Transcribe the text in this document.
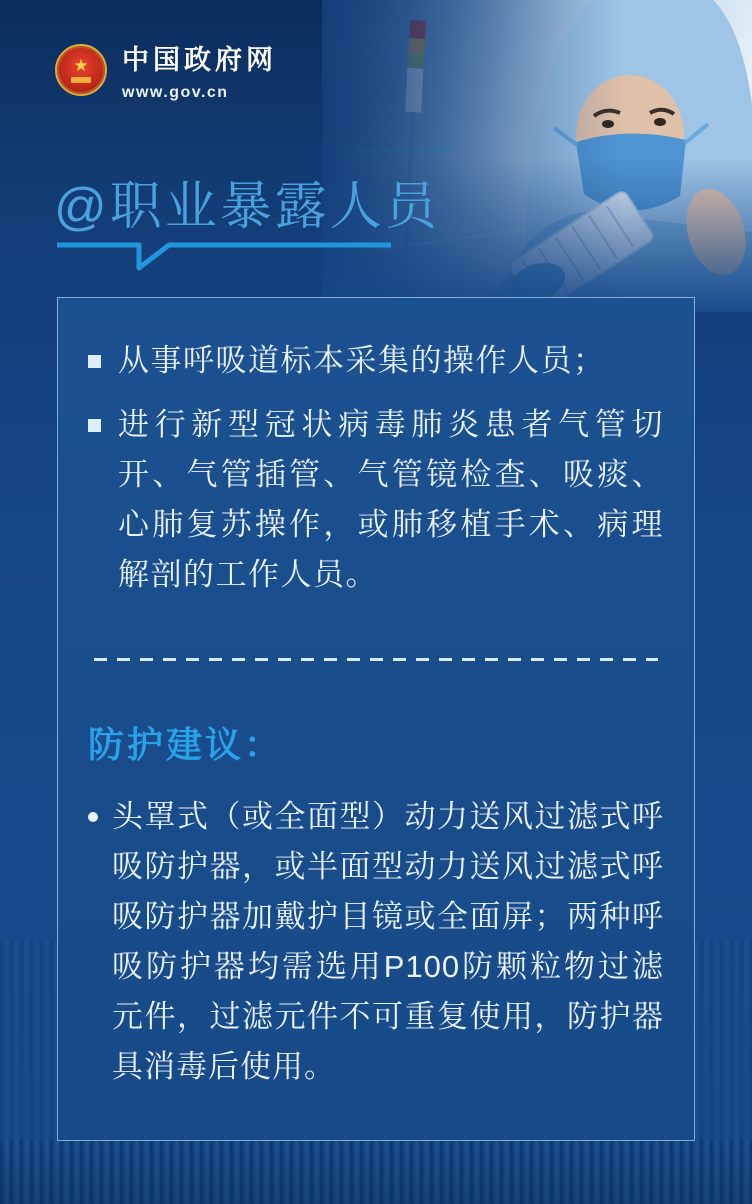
★ 中国政府网
www.gov.cn
@职业暴露人员
从事呼吸道标本采集的操作人员；
进行新型冠状病毒肺炎患者气管切开、气管插管、气管镜检查、吸痰、心肺复苏操作，或肺移植手术、病理解剖的工作人员。
防护建议：
头罩式（或全面型）动力送风过滤式呼吸防护器，或半面型动力送风过滤式呼吸防护器加戴护目镜或全面屏；两种呼吸防护器均需选用P100防颗粒物过滤元件，过滤元件不可重复使用，防护器具消毒后使用。
